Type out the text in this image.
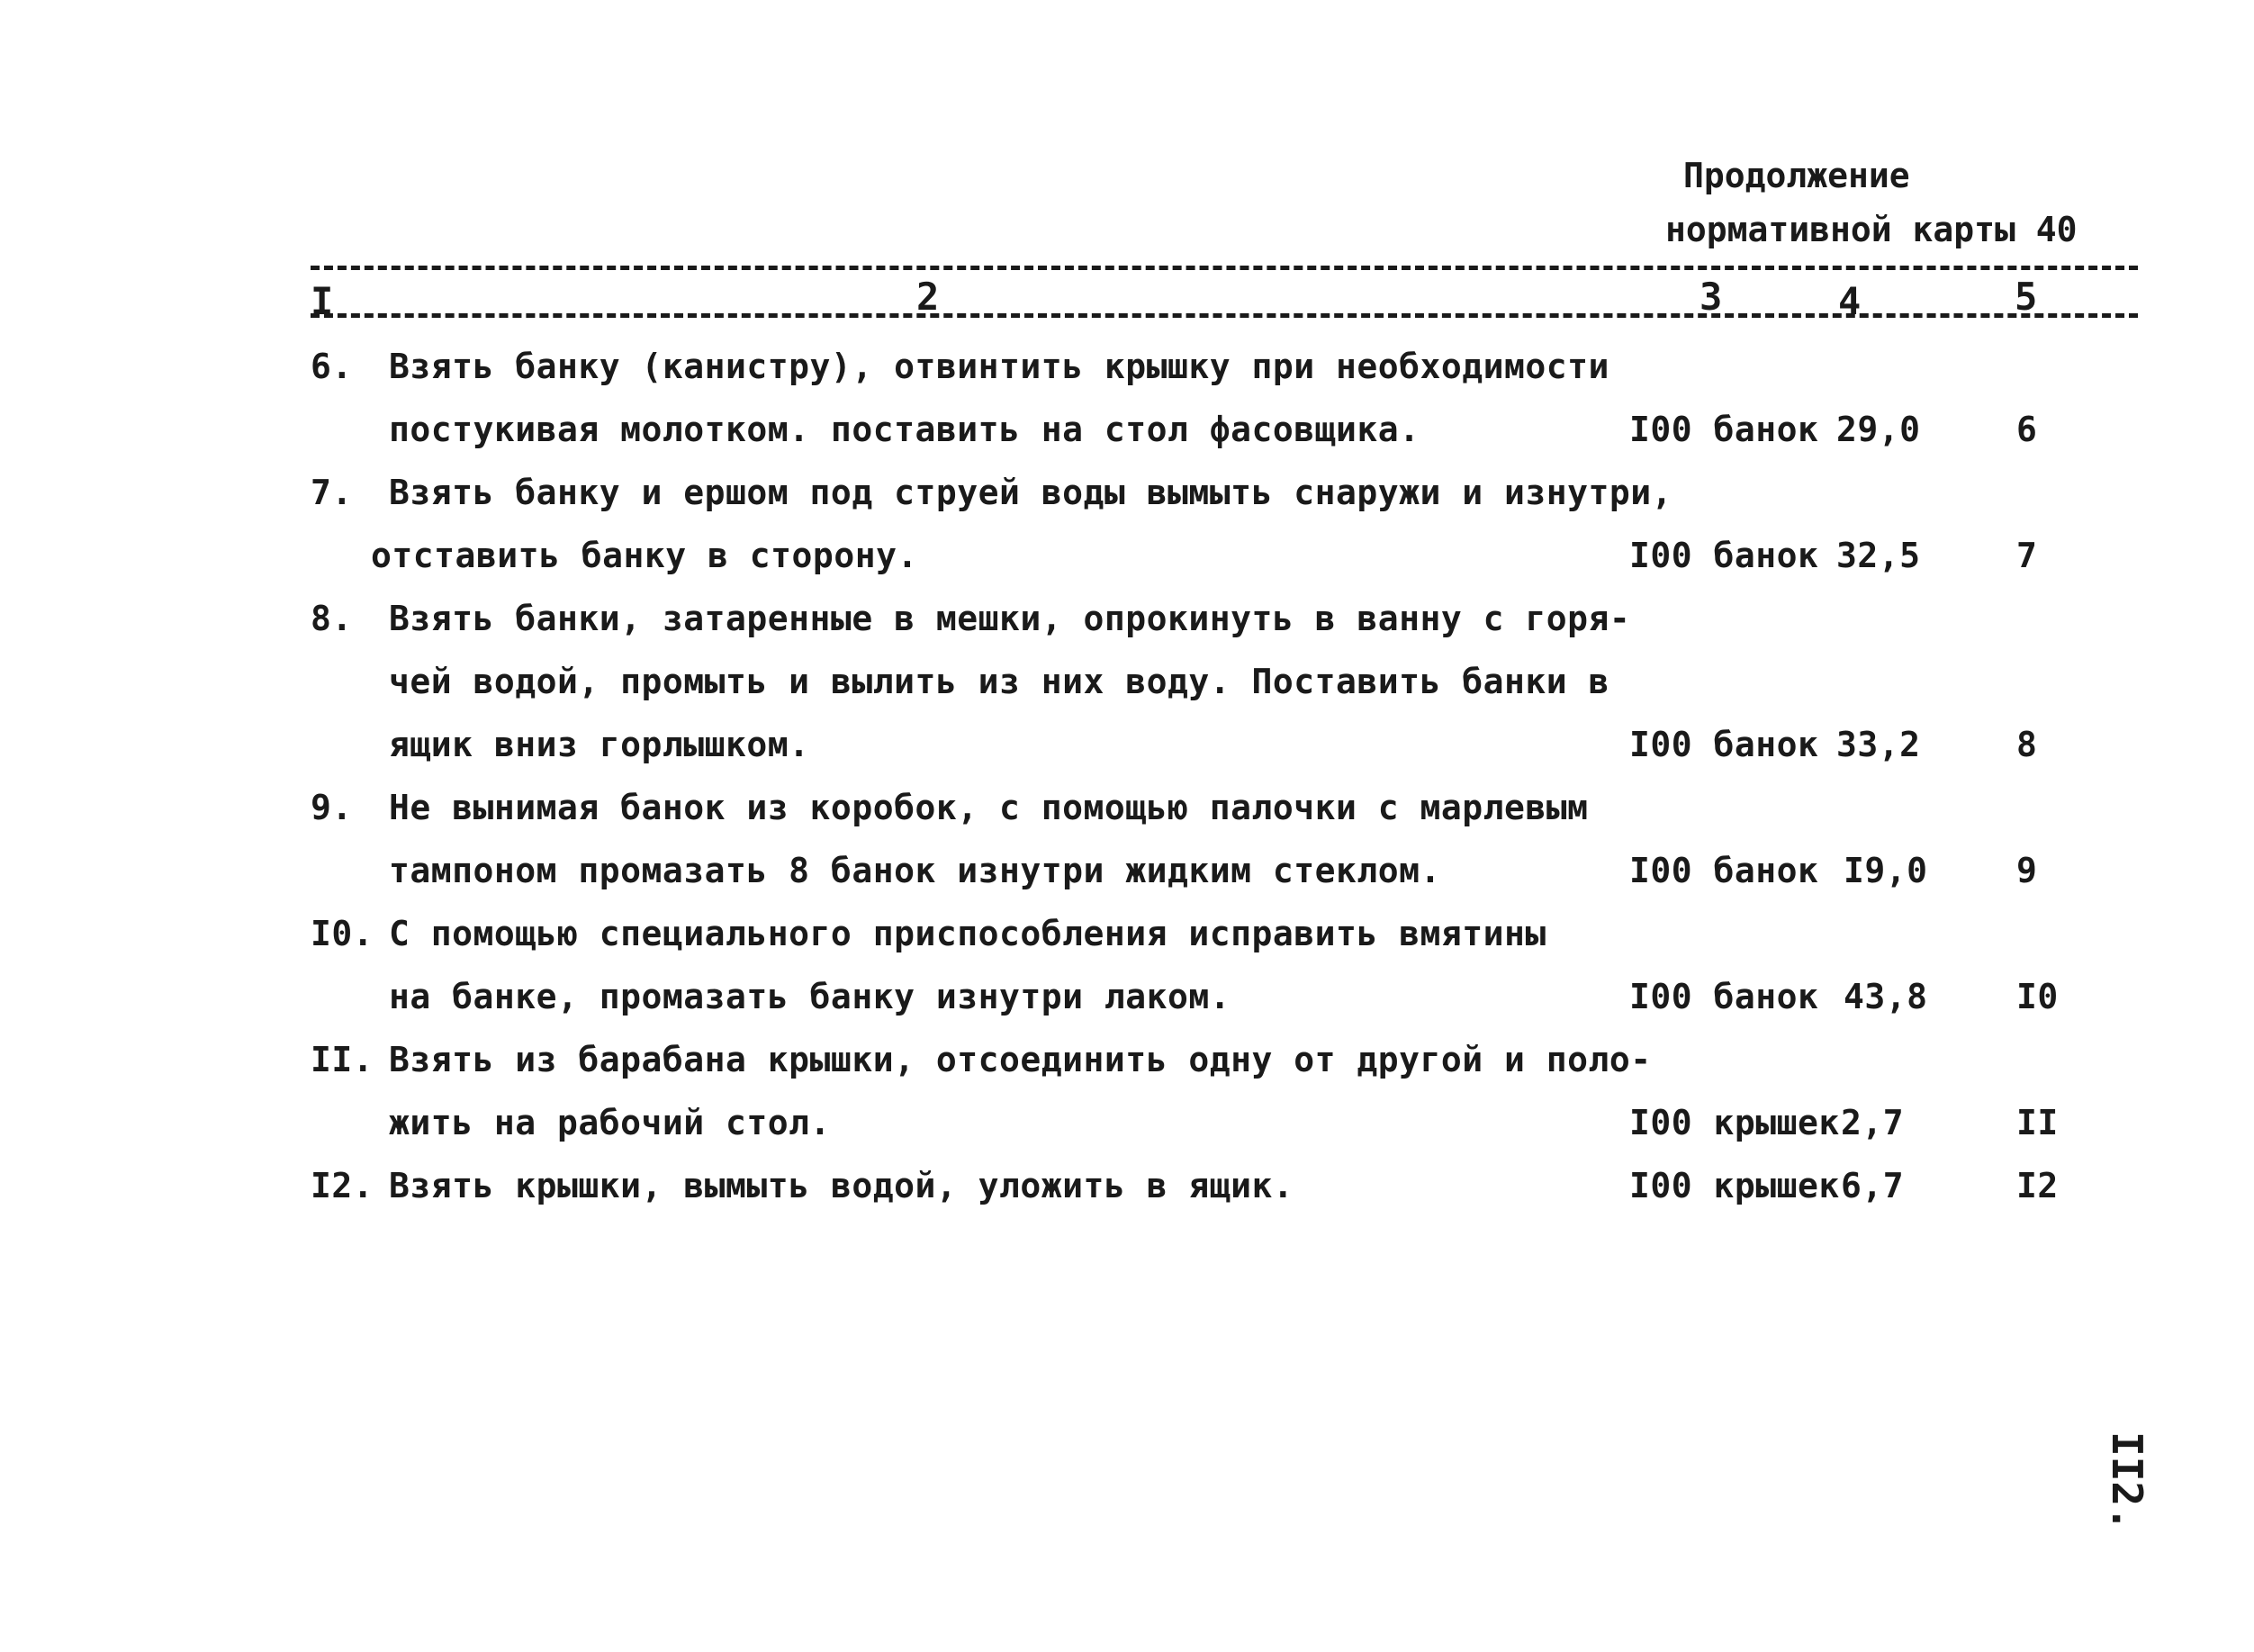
Продолжение
нормативной карты 40
I	2	3	4	5
6. Взять банку (канистру), отвинтить крышку при необходимости
постукивая молотком. поставить на стол фасовщика.	I00 банок 29,0	6
7. Взять банку и ершом под струей воды вымыть снаружи и изнутри,
отставить банку в сторону.	I00 банок 32,5	7
8. Взять банки, затаренные в мешки, опрокинуть в ванну с горя-
чей водой, промыть и вылить из них воду. Поставить банки в
ящик вниз горлышком.	I00 банок 33,2	8
9. Не вынимая банок из коробок, с помощью палочки с марлевым
тампоном промазать 8 банок изнутри жидким стеклом.	I00 банок I9,0	9
I0. С помощью специального приспособления исправить вмятины
на банке, промазать банку изнутри лаком.	I00 банок 43,8	I0
II. Взять из барабана крышки, отсоединить одну от другой и поло-
жить на рабочий стол.	I00 крышек 2,7	II
I2. Взять крышки, вымыть водой, уложить в ящик.	I00 крышек 6,7	I2
II2.
